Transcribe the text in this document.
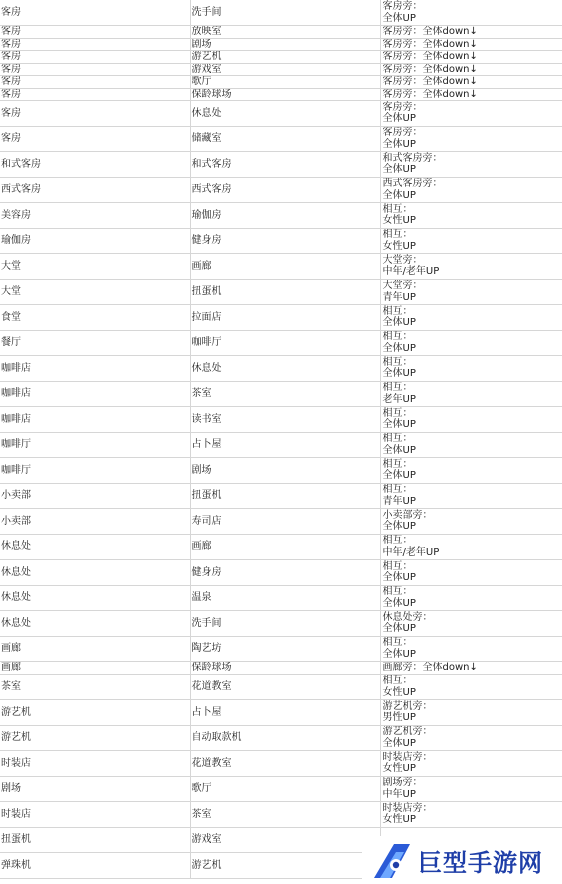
客房	洗手间	客房旁：
全体UP
客房	放映室	客房旁：全体down↓
客房	剧场	客房旁：全体down↓
客房	游艺机	客房旁：全体down↓
客房	游戏室	客房旁：全体down↓
客房	歌厅	客房旁：全体down↓
客房	保龄球场	客房旁：全体down↓
客房	休息处	客房旁：
全体UP
客房	储藏室	客房旁：
全体UP
和式客房	和式客房	和式客房旁：
全体UP
西式客房	西式客房	西式客房旁：
全体UP
美容房	瑜伽房	相互：
女性UP
瑜伽房	健身房	相互：
女性UP
大堂	画廊	大堂旁：
中年/老年UP
大堂	扭蛋机	大堂旁：
青年UP
食堂	拉面店	相互：
全体UP
餐厅	咖啡厅	相互：
全体UP
咖啡店	休息处	相互：
全体UP
咖啡店	茶室	相互：
老年UP
咖啡店	读书室	相互：
全体UP
咖啡厅	占卜屋	相互：
全体UP
咖啡厅	剧场	相互：
全体UP
小卖部	扭蛋机	相互：
青年UP
小卖部	寿司店	小卖部旁：
全体UP
休息处	画廊	相互：
中年/老年UP
休息处	健身房	相互：
全体UP
休息处	温泉	相互：
全体UP
休息处	洗手间	休息处旁：
全体UP
画廊	陶艺坊	相互：
全体UP
画廊	保龄球场	画廊旁：全体down↓
茶室	花道教室	相互：
女性UP
游艺机	占卜屋	游艺机旁：
男性UP
游艺机	自动取款机	游艺机旁：
全体UP
时装店	花道教室	时装店旁：
女性UP
剧场	歌厅	剧场旁：
中年UP
时装店	茶室	时装店旁：
女性UP
扭蛋机	游戏室	
弹珠机	游艺机		巨型手游网
